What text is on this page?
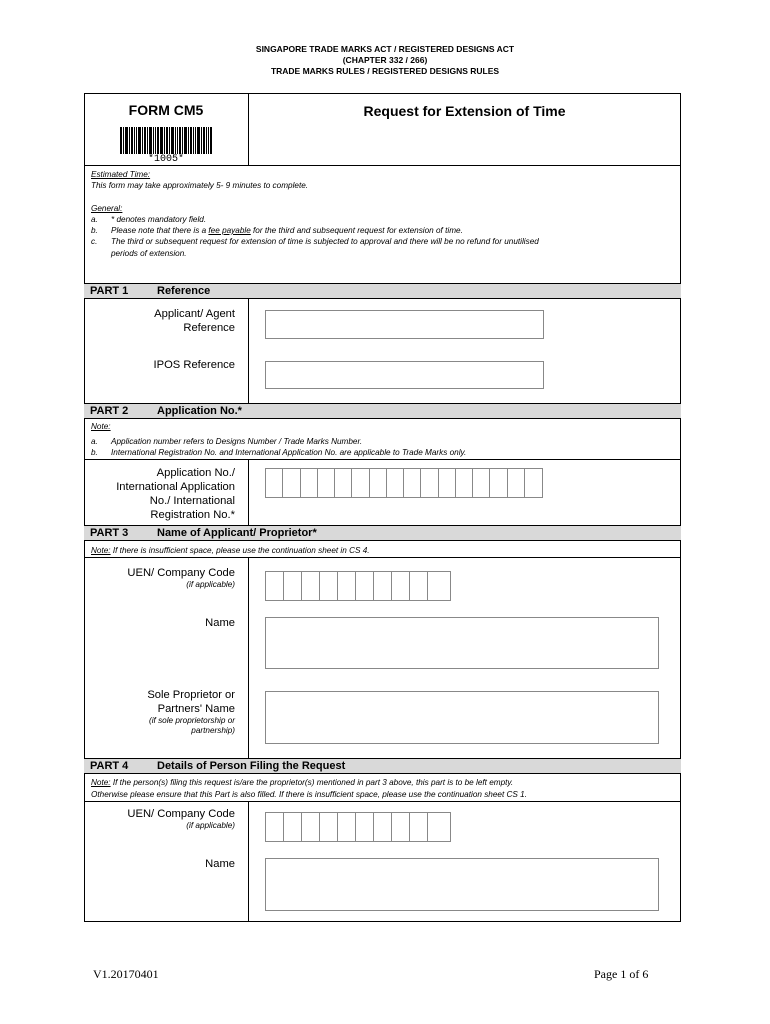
SINGAPORE TRADE MARKS ACT / REGISTERED DESIGNS ACT
(CHAPTER 332 / 266)
TRADE MARKS RULES / REGISTERED DESIGNS RULES
FORM CM5
*1005*
Request for Extension of Time
Estimated Time:
This form may take approximately 5- 9 minutes to complete.
General:
a. * denotes mandatory field.
b. Please note that there is a fee payable for the third and subsequent request for extension of time.
c. The third or subsequent request for extension of time is subjected to approval and there will be no refund for unutilised
periods of extension.
PART 1	Reference
Applicant/ Agent
Reference
IPOS Reference
PART 2	Application No.*
Note:
a. Application number refers to Designs Number / Trade Marks Number.
b. International Registration No. and International Application No. are applicable to Trade Marks only.
Application No./
International Application
No./ International
Registration No.*
PART 3	Name of Applicant/ Proprietor*
Note: If there is insufficient space, please use the continuation sheet in CS 4.
UEN/ Company Code
(if applicable)
Name
Sole Proprietor or
Partners' Name
(if sole proprietorship or
partnership)
PART 4	Details of Person Filing the Request
Note: If the person(s) filing this request is/are the proprietor(s) mentioned in part 3 above, this part is to be left empty.
Otherwise please ensure that this Part is also filled. If there is insufficient space, please use the continuation sheet CS 1.
UEN/ Company Code
(if applicable)
Name
V1.20170401	Page 1 of 6
